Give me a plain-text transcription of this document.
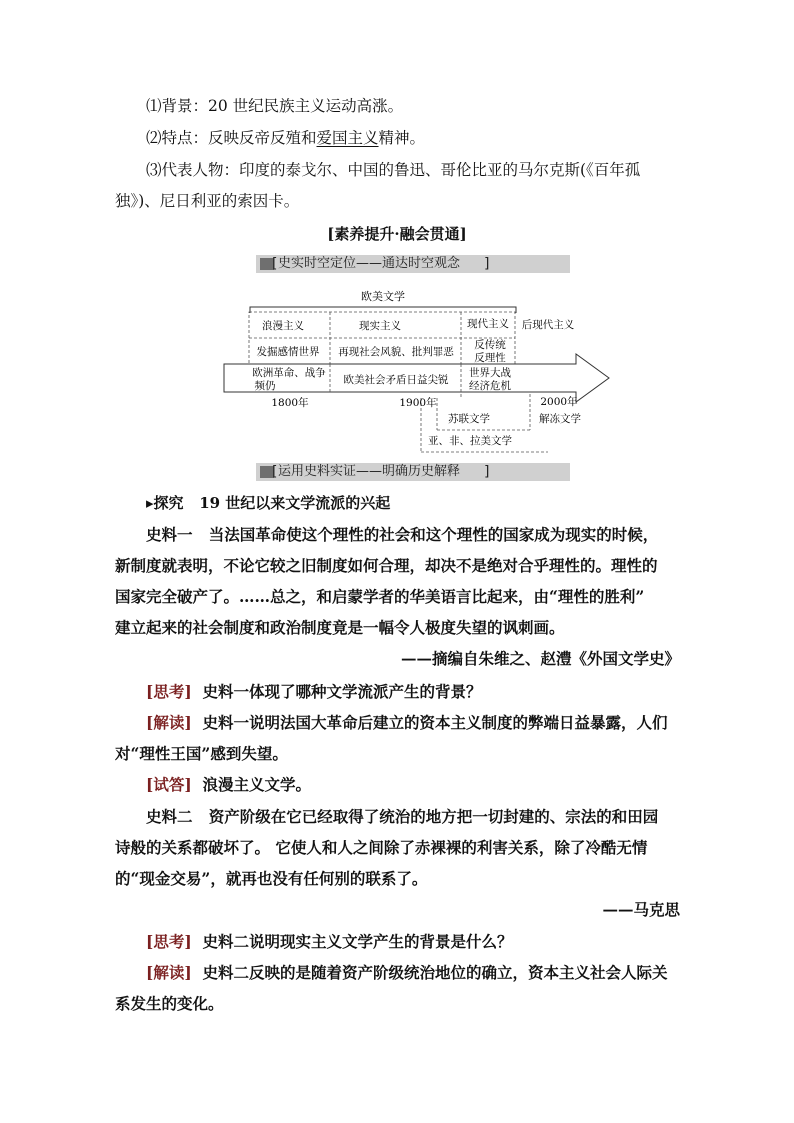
⑴背景：20 世纪民族主义运动高涨。
⑵特点：反映反帝反殖和爱国主义精神。
⑶代表人物：印度的泰戈尔、中国的鲁迅、哥伦比亚的马尔克斯(《百年孤
独》)、尼日利亚的索因卡。
[素养提升·融会贯通]
[ 史实时空定位——通达时空观念 ]
欧美文学
浪漫主义	现实主义	现代主义 后现代主义
发掘感情世界 再现社会风貌、批判罪恶
反传统
反理性
欧洲革命、战争
频仍	欧美社会矛盾日益尖锐
世界大战
经济危机
1800年	1900年	2000年
苏联文学	解冻文学
亚、非、拉美文学
[ 运用史料实证——明确历史解释 ]
▸探究 19 世纪以来文学流派的兴起
史料一 当法国革命使这个理性的社会和这个理性的国家成为现实的时候，
新制度就表明，不论它较之旧制度如何合理，却决不是绝对合乎理性的。理性的
国家完全破产了。……总之，和启蒙学者的华美语言比起来，由“理性的胜利”
建立起来的社会制度和政治制度竟是一幅令人极度失望的讽刺画。
——摘编自朱维之、赵澧《外国文学史》
[思考] 史料一体现了哪种文学流派产生的背景？
[解读] 史料一说明法国大革命后建立的资本主义制度的弊端日益暴露，人们
对“理性王国”感到失望。
[试答] 浪漫主义文学。
史料二 资产阶级在它已经取得了统治的地方把一切封建的、宗法的和田园
诗般的关系都破坏了。 它使人和人之间除了赤裸裸的利害关系，除了冷酷无情
的“现金交易”，就再也没有任何别的联系了。
——马克思
[思考] 史料二说明现实主义文学产生的背景是什么？
[解读] 史料二反映的是随着资产阶级统治地位的确立，资本主义社会人际关
系发生的变化。
